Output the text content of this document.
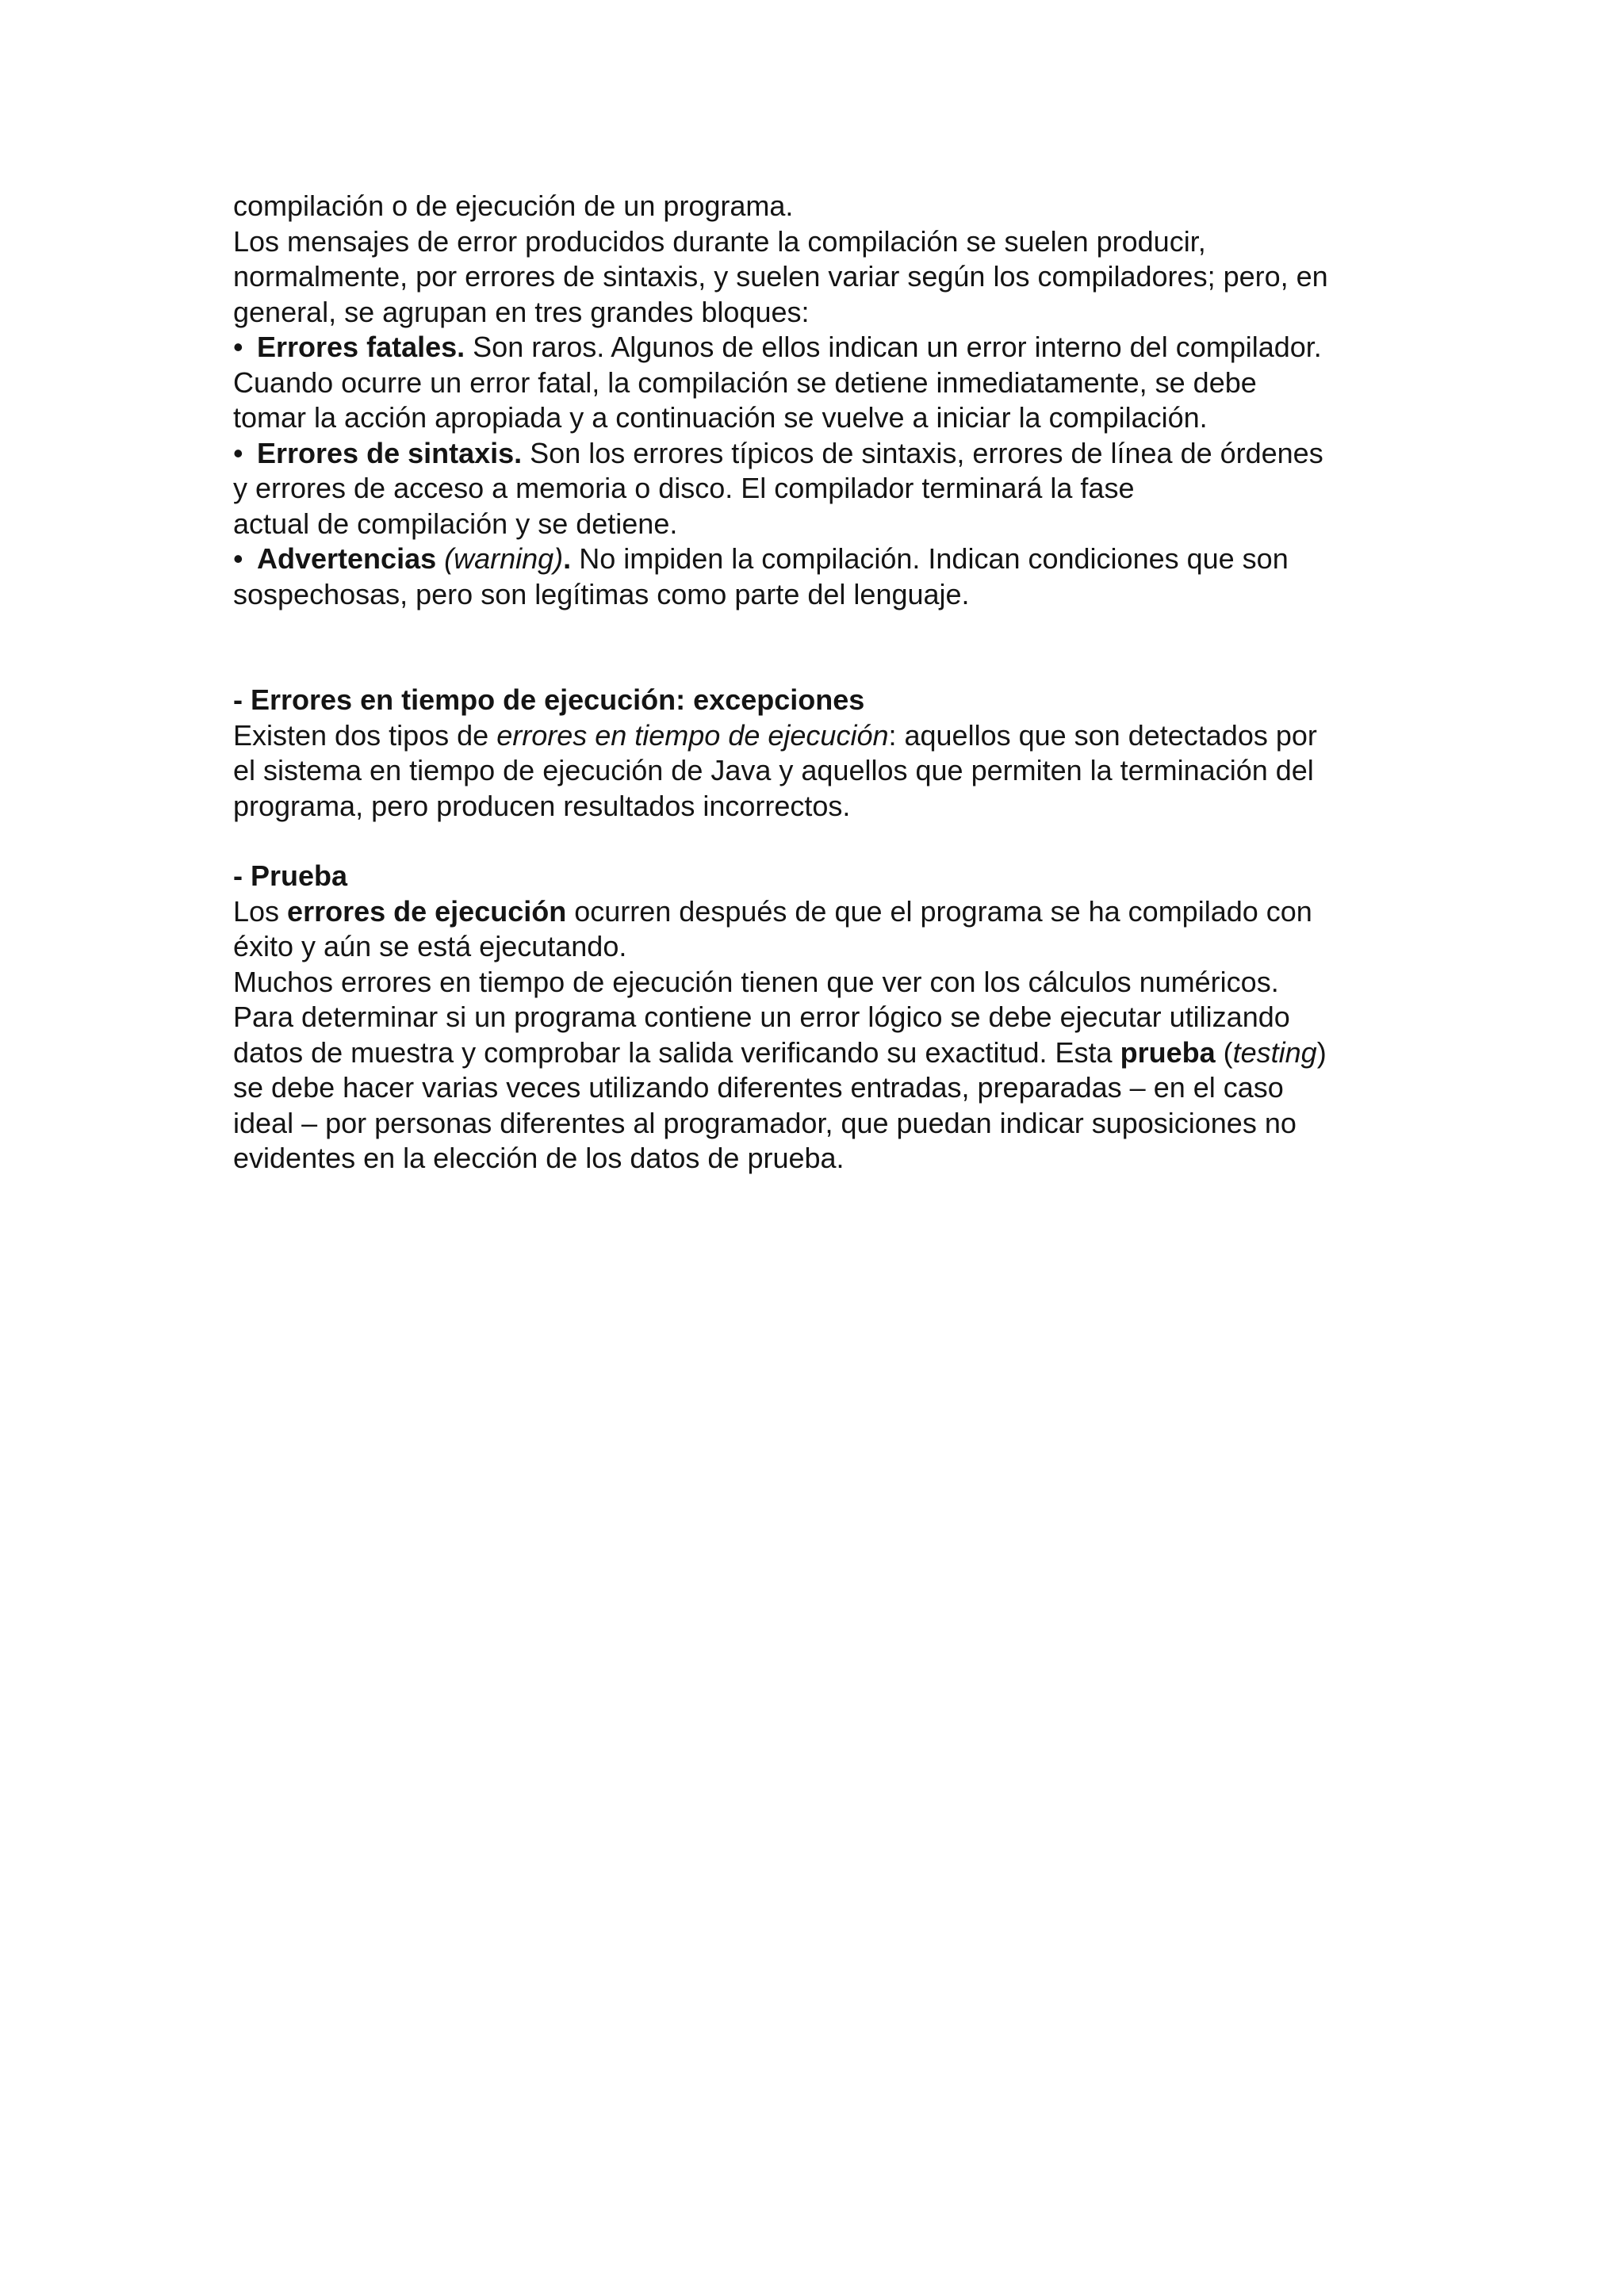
compilación o de ejecución de un programa.
Los mensajes de error producidos durante la compilación se suelen producir,
normalmente, por errores de sintaxis, y suelen variar según los compiladores; pero, en
general, se agrupan en tres grandes bloques:
• Errores fatales. Son raros. Algunos de ellos indican un error interno del compilador.
Cuando ocurre un error fatal, la compilación se detiene inmediatamente, se debe
tomar la acción apropiada y a continuación se vuelve a iniciar la compilación.
• Errores de sintaxis. Son los errores típicos de sintaxis, errores de línea de órdenes
y errores de acceso a memoria o disco. El compilador terminará la fase
actual de compilación y se detiene.
• Advertencias (warning). No impiden la compilación. Indican condiciones que son
sospechosas, pero son legítimas como parte del lenguaje.
- Errores en tiempo de ejecución: excepciones
Existen dos tipos de errores en tiempo de ejecución: aquellos que son detectados por
el sistema en tiempo de ejecución de Java y aquellos que permiten la terminación del
programa, pero producen resultados incorrectos.
- Prueba
Los errores de ejecución ocurren después de que el programa se ha compilado con
éxito y aún se está ejecutando.
Muchos errores en tiempo de ejecución tienen que ver con los cálculos numéricos.
Para determinar si un programa contiene un error lógico se debe ejecutar utilizando
datos de muestra y comprobar la salida verificando su exactitud. Esta prueba (testing)
se debe hacer varias veces utilizando diferentes entradas, preparadas – en el caso
ideal – por personas diferentes al programador, que puedan indicar suposiciones no
evidentes en la elección de los datos de prueba.
